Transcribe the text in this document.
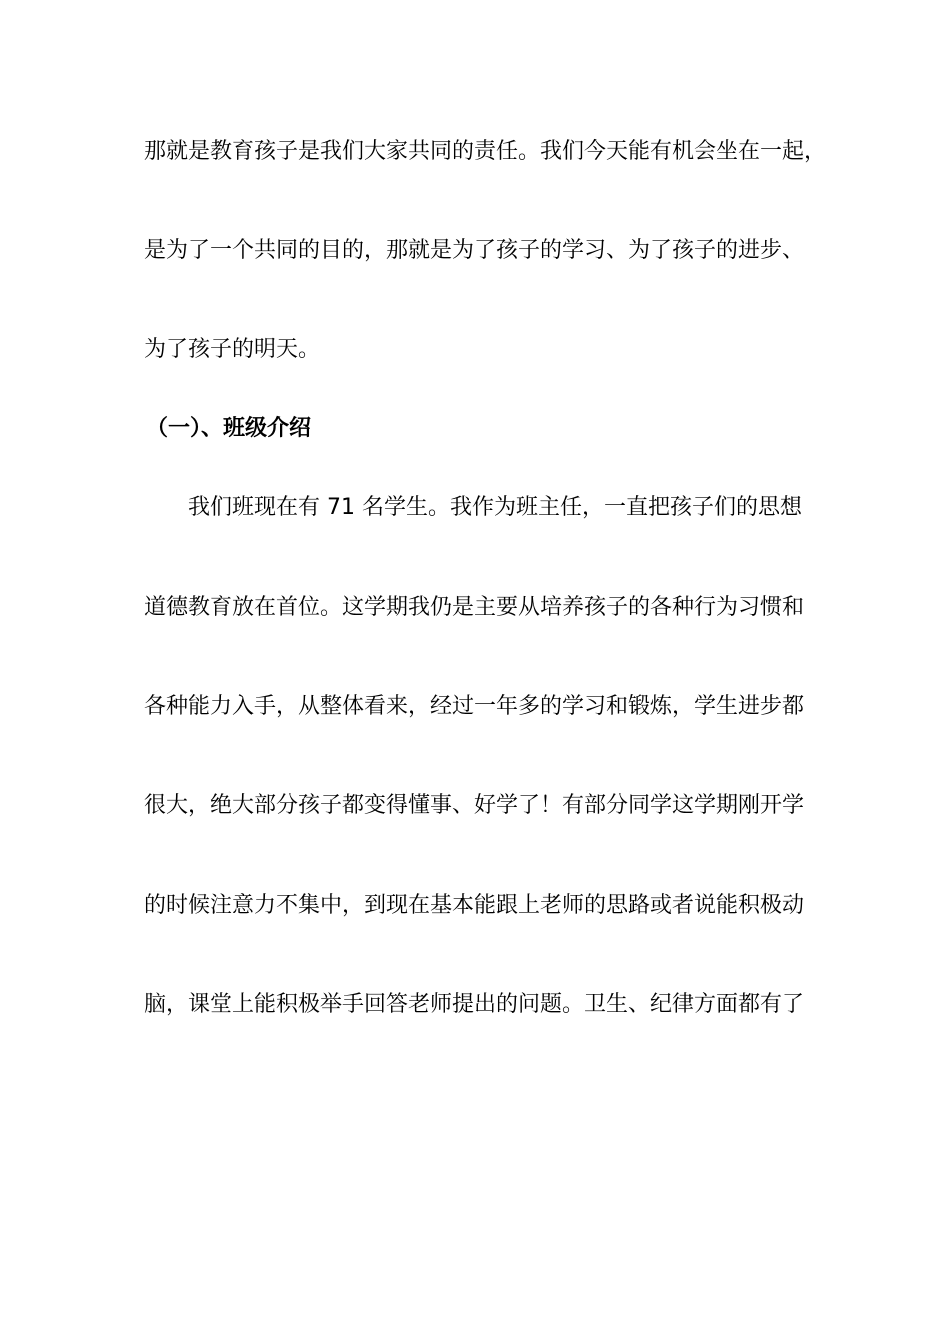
那就是教育孩子是我们大家共同的责任。我们今天能有机会坐在一起，
是为了一个共同的目的，那就是为了孩子的学习、为了孩子的进步、
为了孩子的明天。
（一）、班级介绍
我们班现在有 71 名学生。我作为班主任，一直把孩子们的思想
道德教育放在首位。这学期我仍是主要从培养孩子的各种行为习惯和
各种能力入手，从整体看来，经过一年多的学习和锻炼，学生进步都
很大，绝大部分孩子都变得懂事、好学了！有部分同学这学期刚开学
的时候注意力不集中，到现在基本能跟上老师的思路或者说能积极动
脑，课堂上能积极举手回答老师提出的问题。卫生、纪律方面都有了
